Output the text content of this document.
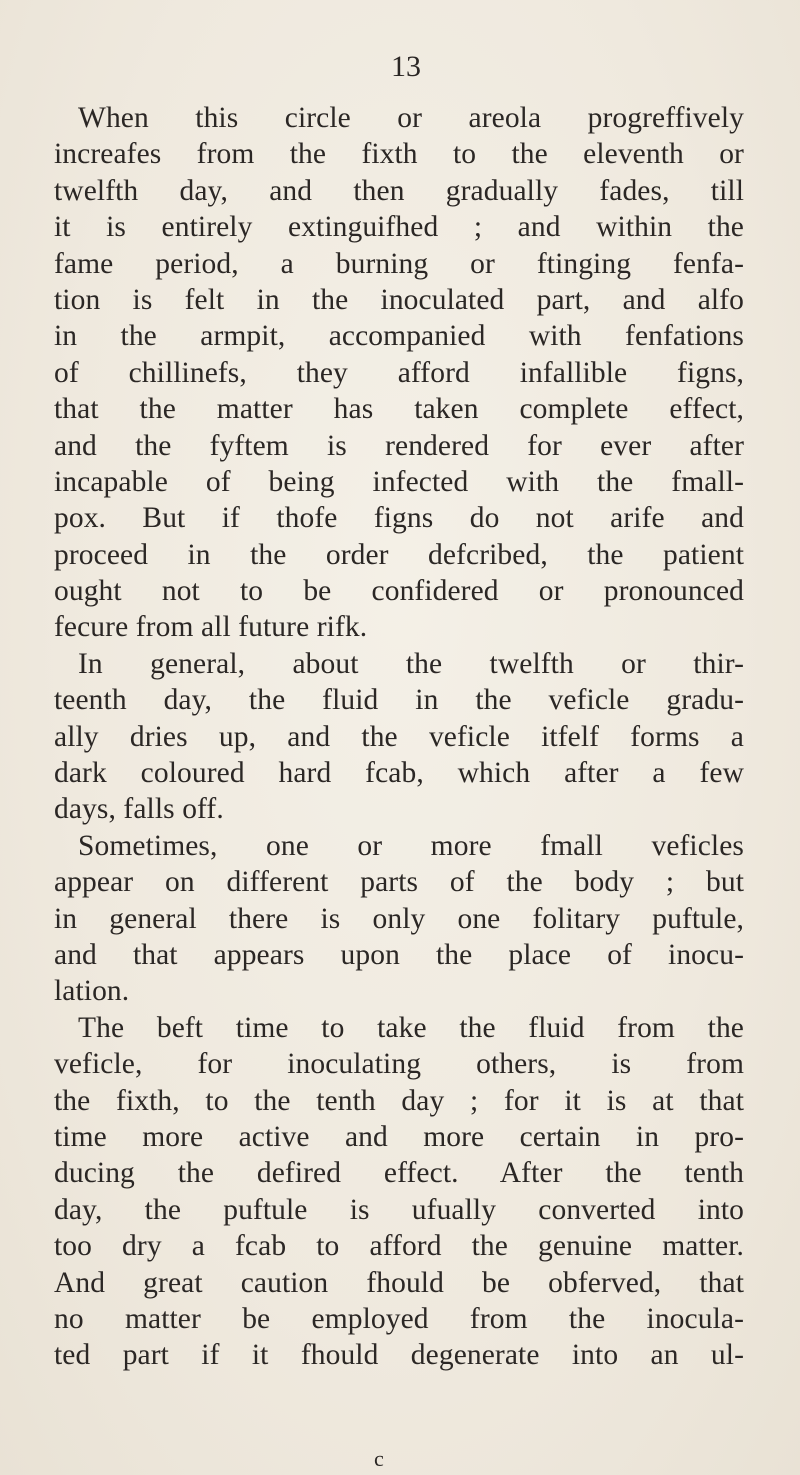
13
When this circle or areola progreffively
increafes from the fixth to the eleventh or
twelfth day, and then gradually fades, till
it is entirely extinguifhed ; and within the
fame period, a burning or ftinging fenfa-
tion is felt in the inoculated part, and alfo
in the armpit, accompanied with fenfations
of chillinefs, they afford infallible figns,
that the matter has taken complete effect,
and the fyftem is rendered for ever after
incapable of being infected with the fmall-
pox. But if thofe figns do not arife and
proceed in the order defcribed, the patient
ought not to be confidered or pronounced
fecure from all future rifk.
In general, about the twelfth or thir-
teenth day, the fluid in the veficle gradu-
ally dries up, and the veficle itfelf forms a
dark coloured hard fcab, which after a few
days, falls off.
Sometimes, one or more fmall veficles
appear on different parts of the body ; but
in general there is only one folitary puftule,
and that appears upon the place of inocu-
lation.
The beft time to take the fluid from the
veficle, for inoculating others, is from
the fixth, to the tenth day ; for it is at that
time more active and more certain in pro-
ducing the defired effect. After the tenth
day, the puftule is ufually converted into
too dry a fcab to afford the genuine matter.
And great caution fhould be obferved, that
no matter be employed from the inocula-
ted part if it fhould degenerate into an ul-
c
